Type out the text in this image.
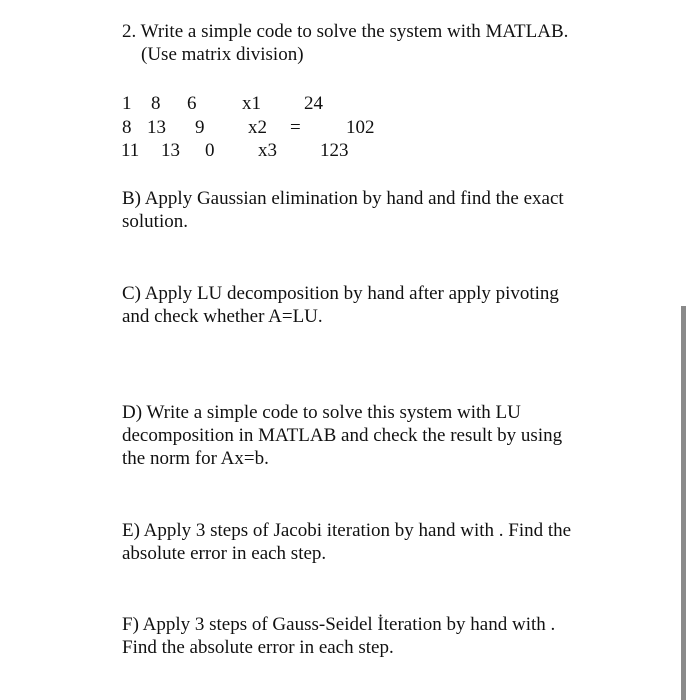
2. Write a simple code to solve the system with MATLAB.
(Use matrix division)
1 8 6 x1 24
8 13 9 x2 = 102
11 13 0 x3 123
B) Apply Gaussian elimination by hand and find the exact
solution.
C) Apply LU decomposition by hand after apply pivoting
and check whether A=LU.
D) Write a simple code to solve this system with LU
decomposition in MATLAB and check the result by using
the norm for Ax=b.
E) Apply 3 steps of Jacobi iteration by hand with . Find the
absolute error in each step.
F) Apply 3 steps of Gauss-Seidel İteration by hand with .
Find the absolute error in each step.
